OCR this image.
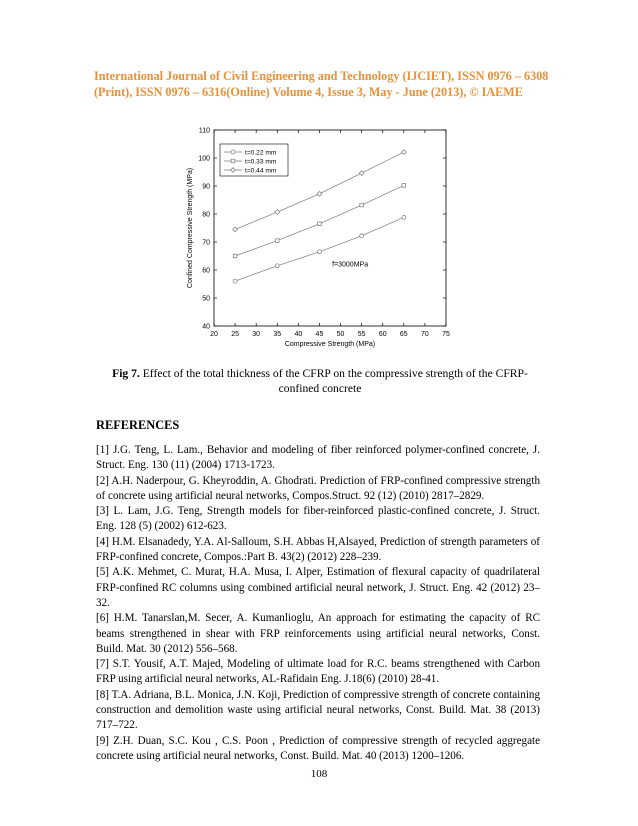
International Journal of Civil Engineering and Technology (IJCIET), ISSN 0976 – 6308
(Print), ISSN 0976 – 6316(Online) Volume 4, Issue 3, May - June (2013), © IAEME
20 25 30 35 40 45 50 55 60 65 70 75
40
50
60
70
80
90
100
110
Compressive Strength (MPa)
Confined Compressive Strength (MPa)
t=0.22 mm
t=0.33 mm
t=0.44 mm
f=3000MPa
Fig 7. Effect of the total thickness of the CFRP on the compressive strength of the CFRP-confined concrete
REFERENCES

[1] J.G. Teng, L. Lam., Behavior and modeling of fiber reinforced polymer-confined concrete, J. Struct. Eng. 130 (11) (2004) 1713-1723.

[2] A.H. Naderpour, G. Kheyroddin, A. Ghodrati. Prediction of FRP-confined compressive strength of concrete using artificial neural networks, Compos.Struct. 92 (12) (2010) 2817–2829.

[3] L. Lam, J.G. Teng, Strength models for fiber-reinforced plastic-confined concrete, J. Struct. Eng. 128 (5) (2002) 612-623.

[4] H.M. Elsanadedy, Y.A. Al-Salloum, S.H. Abbas H,Alsayed, Prediction of strength parameters of FRP-confined concrete, Compos.:Part B. 43(2) (2012) 228–239.

[5] A.K. Mehmet, C. Murat, H.A. Musa, I. Alper, Estimation of flexural capacity of quadrilateral FRP-confined RC columns using combined artificial neural network, J. Struct. Eng. 42 (2012) 23–32.

[6] H.M. Tanarslan,M. Secer, A. Kumanlioglu, An approach for estimating the capacity of RC beams strengthened in shear with FRP reinforcements using artificial neural networks, Const. Build. Mat. 30 (2012) 556–568.

[7] S.T. Yousif, A.T. Majed, Modeling of ultimate load for R.C. beams strengthened with Carbon FRP using artificial neural networks, AL-Rafidain Eng. J.18(6) (2010) 28-41.

[8] T.A. Adriana, B.L. Monica, J.N. Koji, Prediction of compressive strength of concrete containing construction and demolition waste using artificial neural networks, Const. Build. Mat. 38 (2013) 717–722.

[9] Z.H. Duan, S.C. Kou , C.S. Poon , Prediction of compressive strength of recycled aggregate concrete using artificial neural networks, Const. Build. Mat. 40 (2013) 1200–1206.

108
